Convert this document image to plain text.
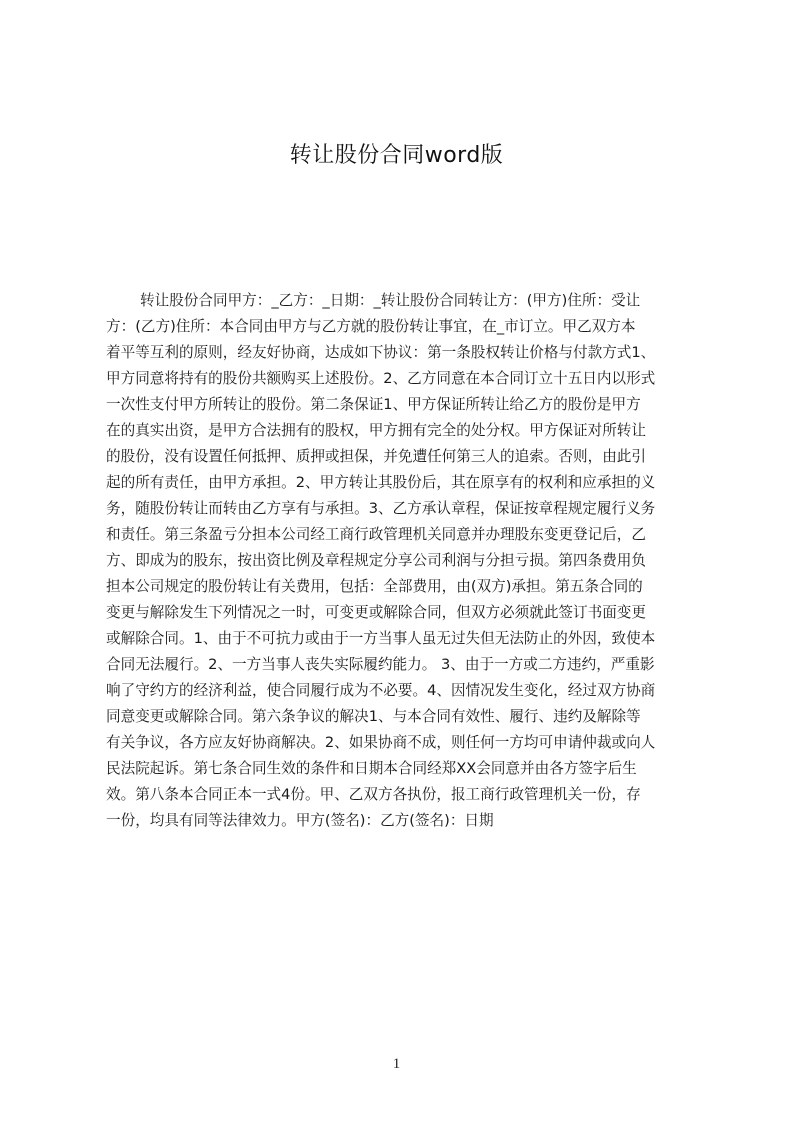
转让股份合同word版
转让股份合同甲方：_乙方：_日期：_转让股份合同转让方：(甲方)住所：受让
方：(乙方)住所：本合同由甲方与乙方就的股份转让事宜，在_市订立。甲乙双方本
着平等互利的原则，经友好协商，达成如下协议：第一条股权转让价格与付款方式1、
甲方同意将持有的股份共额购买上述股份。2、乙方同意在本合同订立十五日内以形式
一次性支付甲方所转让的股份。第二条保证1、甲方保证所转让给乙方的股份是甲方
在的真实出资，是甲方合法拥有的股权，甲方拥有完全的处分权。甲方保证对所转让
的股份，没有设置任何抵押、质押或担保，并免遭任何第三人的追索。否则，由此引
起的所有责任，由甲方承担。2、甲方转让其股份后，其在原享有的权利和应承担的义
务，随股份转让而转由乙方享有与承担。3、乙方承认章程，保证按章程规定履行义务
和责任。第三条盈亏分担本公司经工商行政管理机关同意并办理股东变更登记后，乙
方、即成为的股东，按出资比例及章程规定分享公司利润与分担亏损。第四条费用负
担本公司规定的股份转让有关费用，包括：全部费用，由(双方)承担。第五条合同的
变更与解除发生下列情况之一时，可变更或解除合同，但双方必须就此签订书面变更
或解除合同。1、由于不可抗力或由于一方当事人虽无过失但无法防止的外因，致使本
合同无法履行。2、一方当事人丧失实际履约能力。 3、由于一方或二方违约，严重影
响了守约方的经济利益，使合同履行成为不必要。4、因情况发生变化，经过双方协商
同意变更或解除合同。第六条争议的解决1、与本合同有效性、履行、违约及解除等
有关争议，各方应友好协商解决。2、如果协商不成，则任何一方均可申请仲裁或向人
民法院起诉。第七条合同生效的条件和日期本合同经郑XX会同意并由各方签字后生
效。第八条本合同正本一式4份。甲、乙双方各执份，报工商行政管理机关一份，存
一份，均具有同等法律效力。甲方(签名)：乙方(签名)：日期
1
